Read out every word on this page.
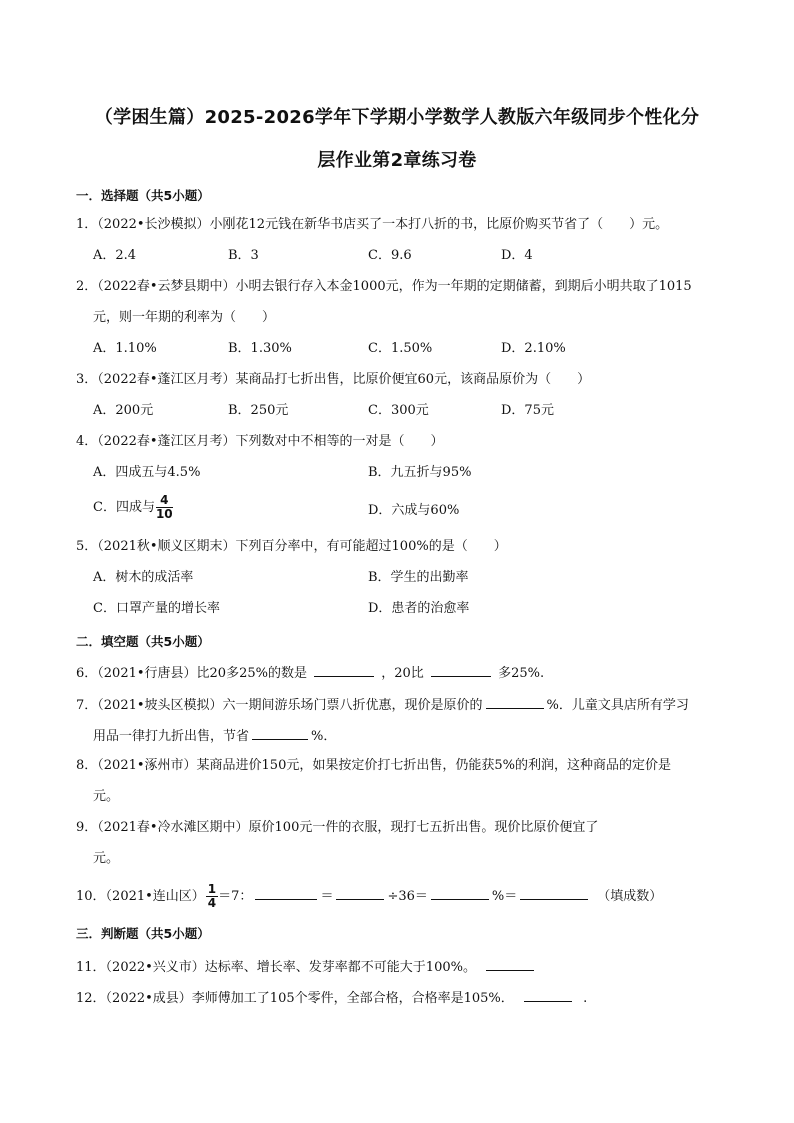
（学困生篇）2025-2026学年下学期小学数学人教版六年级同步个性化分
层作业第2章练习卷
一．选择题（共5小题）
1．（2022•长沙模拟）小刚花12元钱在新华书店买了一本打八折的书，比原价购买节省了（　　）元。
A．2.4	B．3	C．9.6	D．4
2．（2022春•云梦县期中）小明去银行存入本金1000元，作为一年期的定期储蓄，到期后小明共取了1015
元，则一年期的利率为（　　）
A．1.10%	B．1.30%	C．1.50%	D．2.10%
3．（2022春•蓬江区月考）某商品打七折出售，比原价便宜60元，该商品原价为（　　）
A．200元	B．250元	C．300元	D．75元
4．（2022春•蓬江区月考）下列数对中不相等的一对是（　　）
A．四成五与4.5%	B．九五折与95%
C．四成与 $\frac{4}{10}$	D．六成与60%
5．（2021秋•顺义区期末）下列百分率中，有可能超过100%的是（　　）
A．树木的成活率	B．学生的出勤率
C．口罩产量的增长率	D．患者的治愈率
二．填空题（共5小题）
6．（2021•行唐县）比20多25%的数是	，20比	多25%.
7．（2021•坡头区模拟）六一期间游乐场门票八折优惠，现价是原价的	%．儿童文具店所有学习
用品一律打九折出售，节省	%．
8．（2021•涿州市）某商品进价150元，如果按定价打七折出售，仍能获5%的利润，这种商品的定价是
元。
9．（2021春•冷水滩区期中）原价100元一件的衣服，现打七五折出售。现价比原价便宜了
元。
10．（2021•连山区） $\frac{1}{4} =7$：	＝	÷36＝	%＝	（填成数）
三．判断题（共5小题）
11．（2022•兴义市）达标率、增长率、发芽率都不可能大于100%。
12．（2022•成县）李师傅加工了105个零件，全部合格，合格率是105%．	.
